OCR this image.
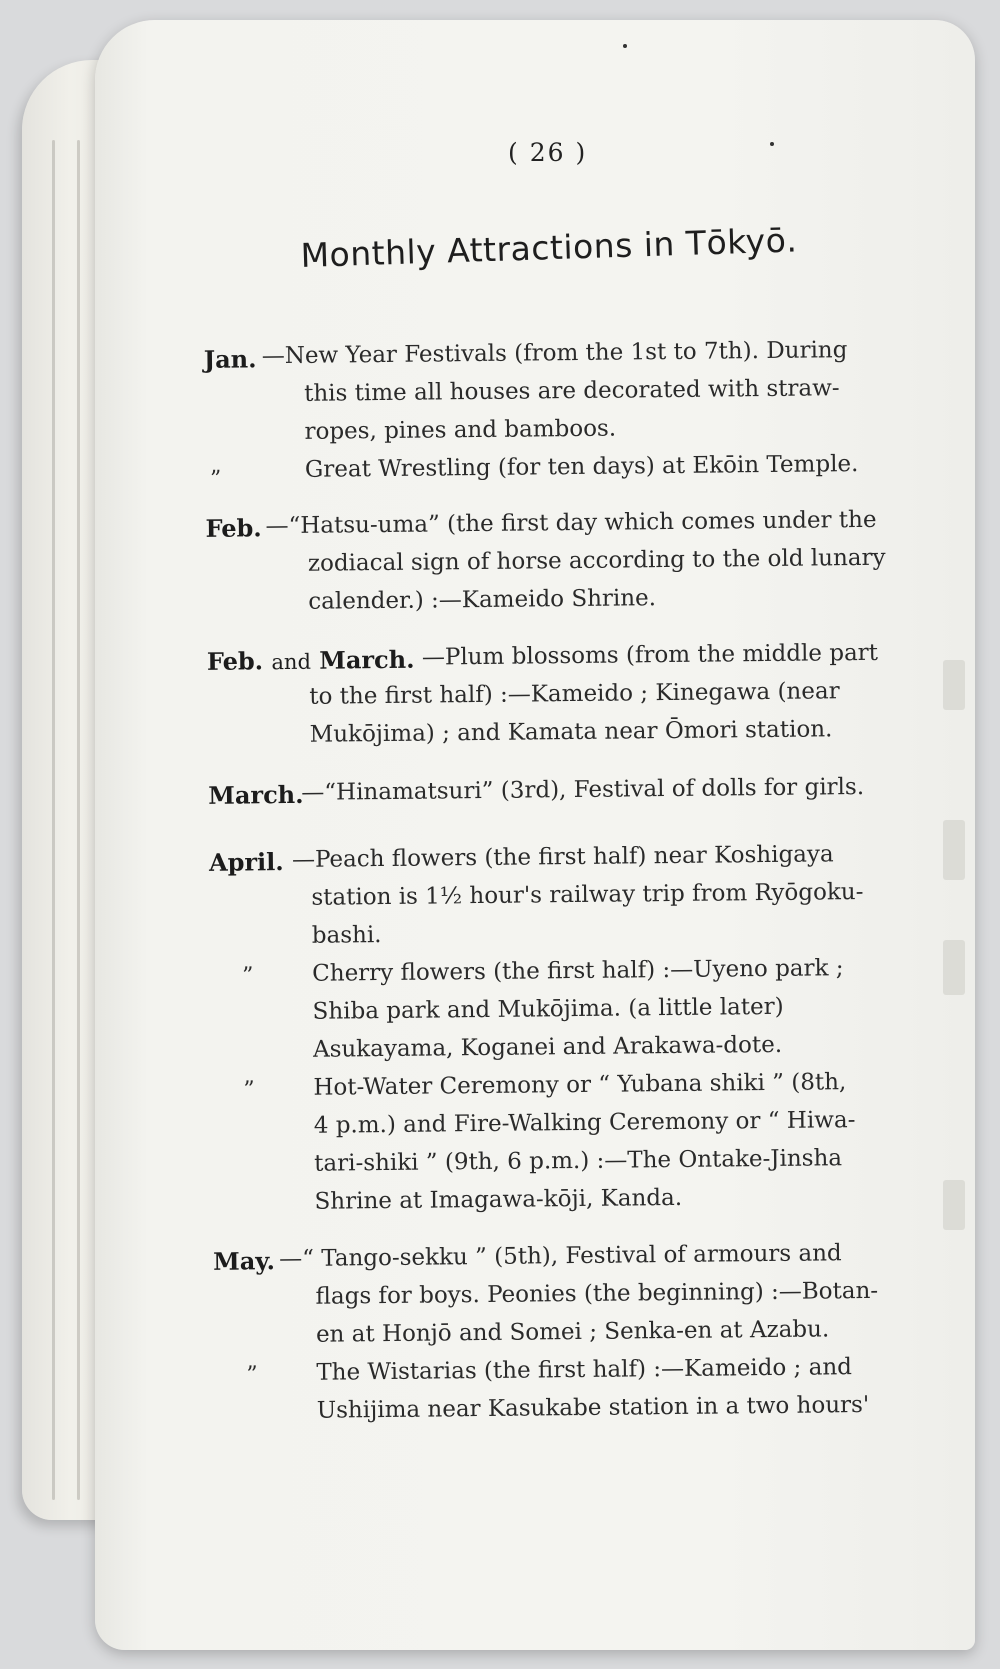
( 26 )
Monthly Attractions in Tōkyō.
Jan. —New Year Festivals (from the 1st to 7th). During
this time all houses are decorated with straw-
ropes, pines and bamboos.
”	Great Wrestling (for ten days) at Ekōin Temple.
Feb. —“Hatsu-uma” (the first day which comes under the
zodiacal sign of horse according to the old lunary
calender.) :—Kameido Shrine.
Feb. and March. —Plum blossoms (from the middle part
to the first half) :—Kameido ; Kinegawa (near
Mukōjima) ; and Kamata near Ōmori station.
March.
—“Hinamatsuri” (3rd), Festival of dolls for girls.
April. —Peach flowers (the first half) near Koshigaya
station is 1½ hour's railway trip from Ryōgoku-
bashi.
”	Cherry flowers (the first half) :—Uyeno park ;
Shiba park and Mukōjima. (a little later)
Asukayama, Koganei and Arakawa-dote.
”	Hot-Water Ceremony or “ Yubana shiki ” (8th,
4 p.m.) and Fire-Walking Ceremony or “ Hiwa-
tari-shiki ” (9th, 6 p.m.) :—The Ontake-Jinsha
Shrine at Imagawa-kōji, Kanda.
May. —“ Tango-sekku ” (5th), Festival of armours and
flags for boys. Peonies (the beginning) :—Botan-
en at Honjō and Somei ; Senka-en at Azabu.
”	The Wistarias (the first half) :—Kameido ; and
Ushijima near Kasukabe station in a two hours'
